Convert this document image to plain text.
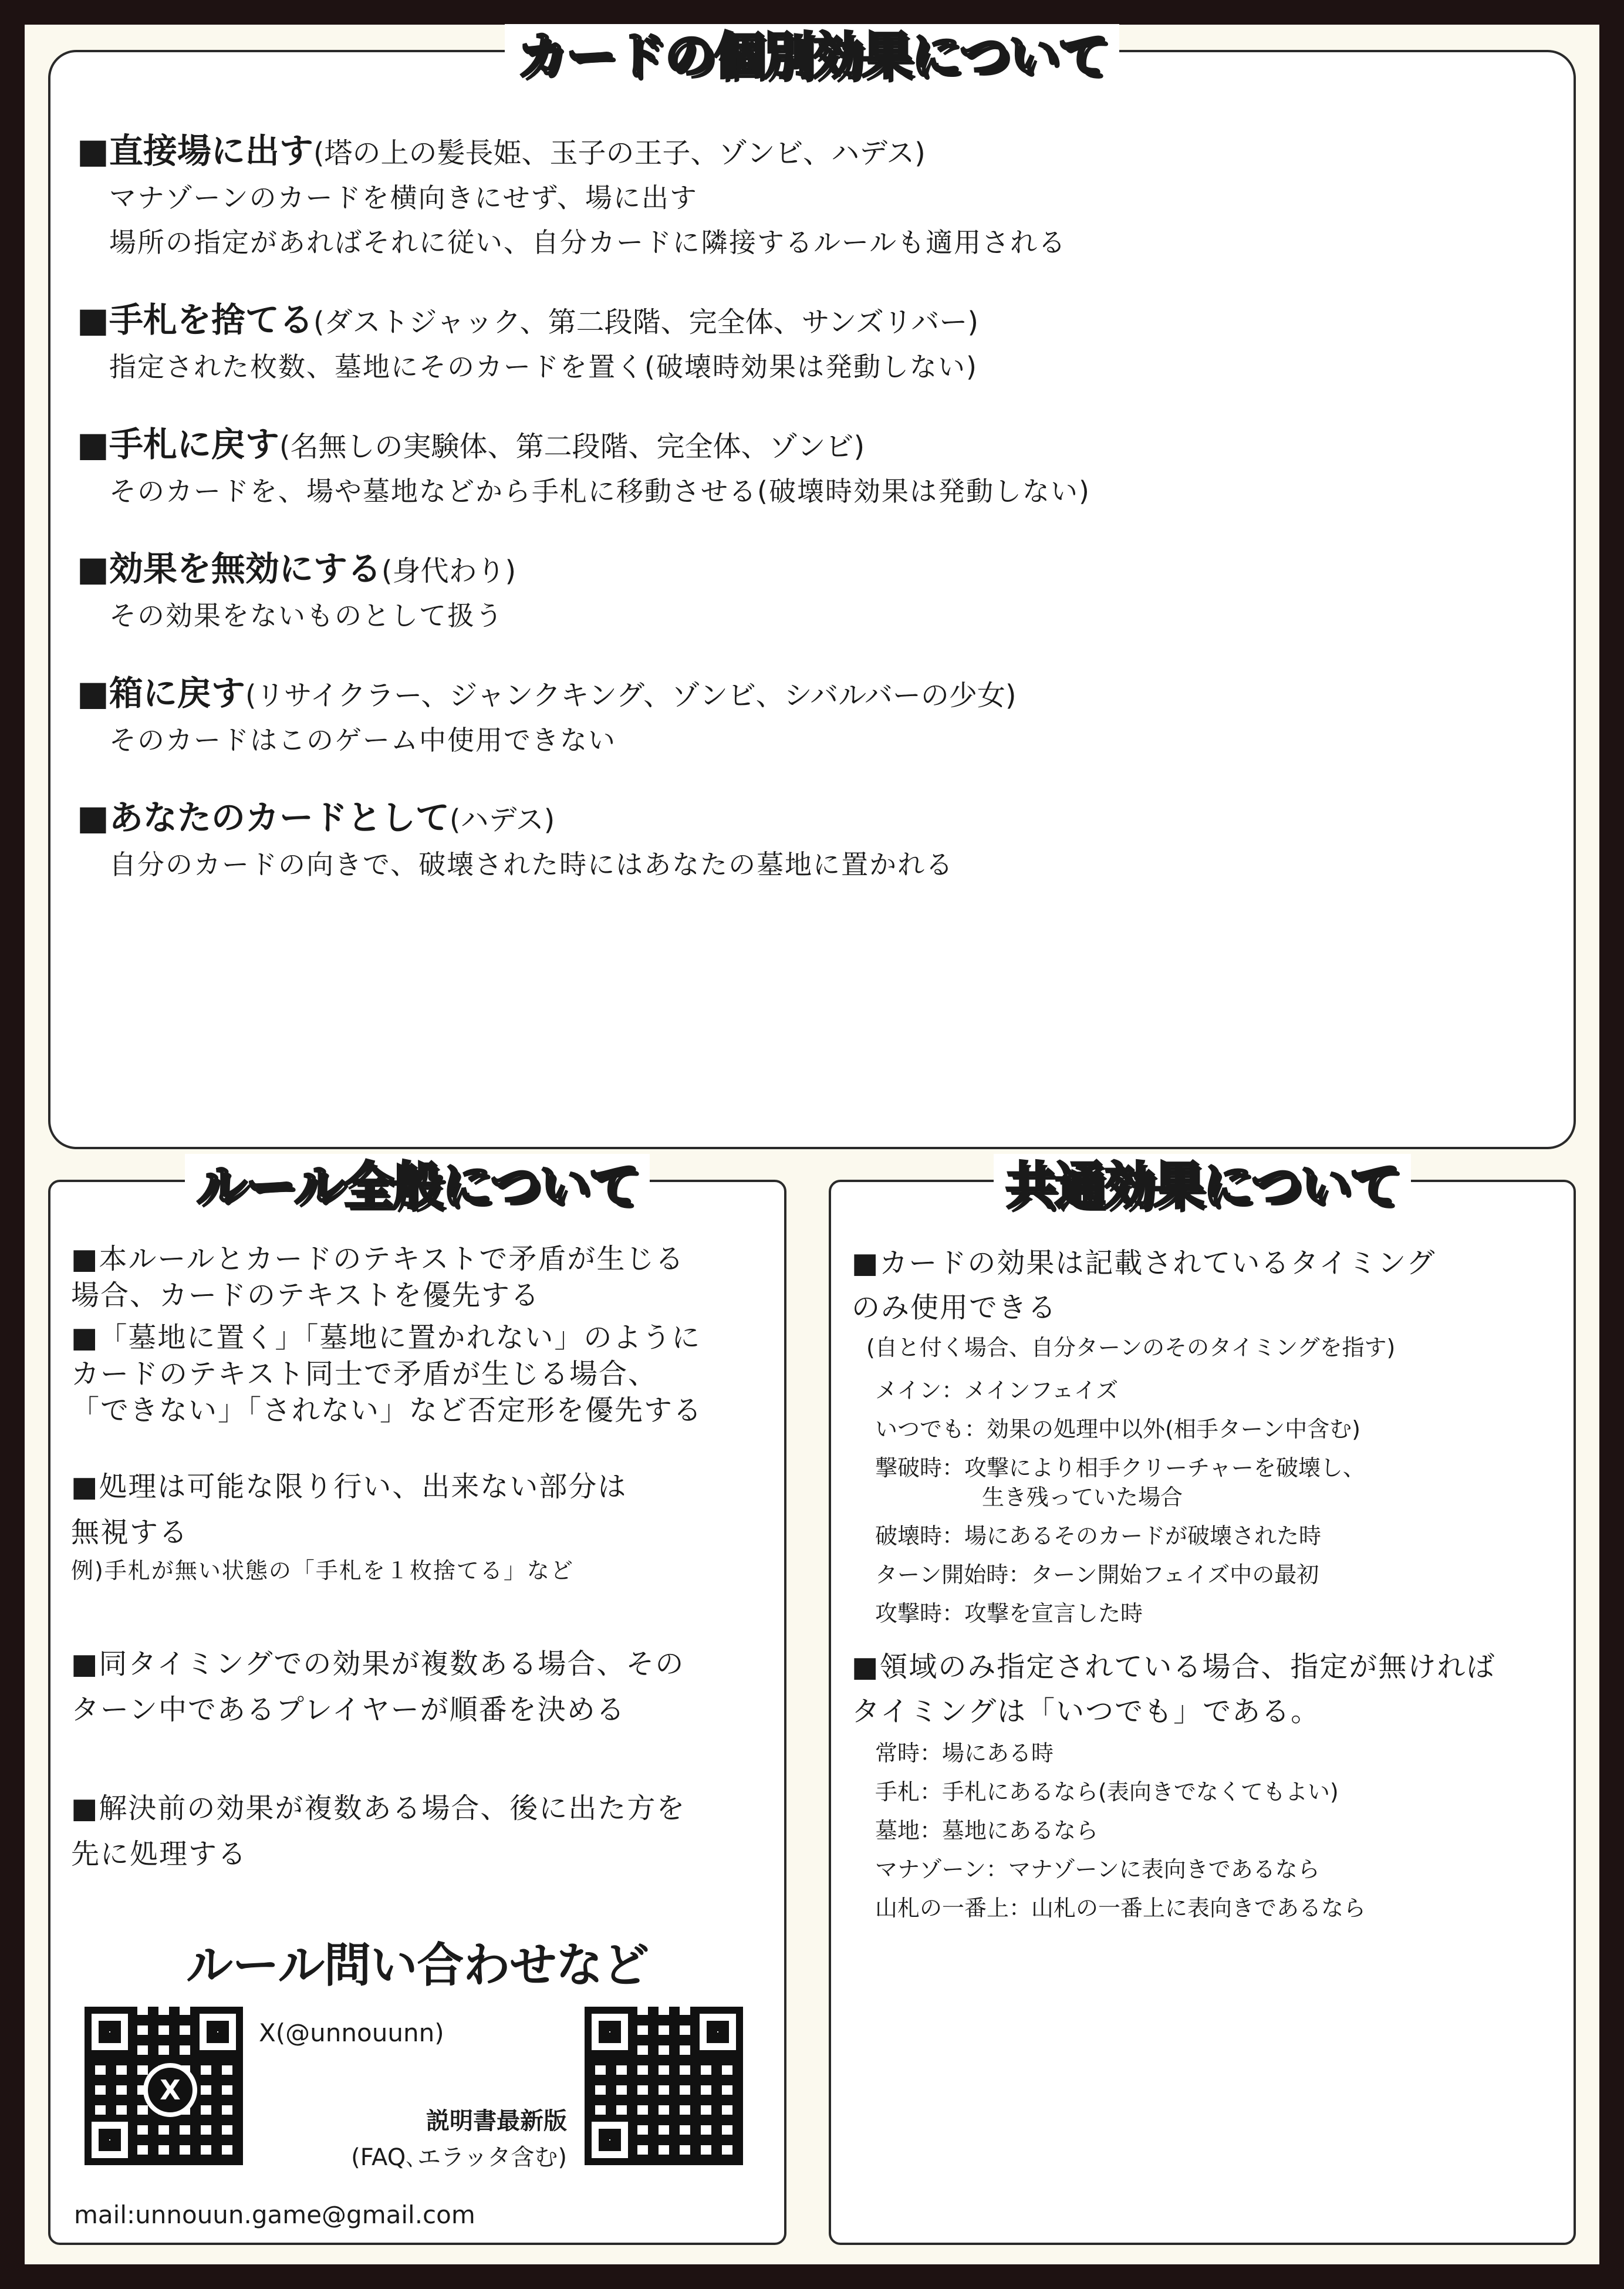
カードの個別効果について
■直接場に出す(塔の上の髪長姫、玉子の王子、ゾンビ、ハデス)
マナゾーンのカードを横向きにせず、場に出す
場所の指定があればそれに従い、自分カードに隣接するルールも適用される
■手札を捨てる(ダストジャック、第二段階、完全体、サンズリバー)
指定された枚数、墓地にそのカードを置く(破壊時効果は発動しない)
■手札に戻す(名無しの実験体、第二段階、完全体、ゾンビ)
そのカードを、場や墓地などから手札に移動させる(破壊時効果は発動しない)
■効果を無効にする(身代わり)
その効果をないものとして扱う
■箱に戻す(リサイクラー、ジャンクキング、ゾンビ、シバルバーの少女)
そのカードはこのゲーム中使用できない
■あなたのカードとして(ハデス)
自分のカードの向きで、破壊された時にはあなたの墓地に置かれる
ルール全般について
■本ルールとカードのテキストで矛盾が生じる
場合、カードのテキストを優先する
■「墓地に置く」「墓地に置かれない」のように
カードのテキスト同士で矛盾が生じる場合、
「できない」「されない」など否定形を優先する
■処理は可能な限り行い、出来ない部分は
無視する
例)手札が無い状態の「手札を１枚捨てる」など
■同タイミングでの効果が複数ある場合、その
ターン中であるプレイヤーが順番を決める
■解決前の効果が複数ある場合、後に出た方を
先に処理する
ルール問い合わせなど
X
X(@unnouunn)
説明書最新版
(FAQ､エラッタ含む)
mail:unnouun.game@gmail.com
共通効果について
■カードの効果は記載されているタイミング
のみ使用できる
(自と付く場合、自分ターンのそのタイミングを指す)
メイン：メインフェイズ
いつでも：効果の処理中以外(相手ターン中含む)
撃破時：攻撃により相手クリーチャーを破壊し、
生き残っていた場合
破壊時：場にあるそのカードが破壊された時
ターン開始時：ターン開始フェイズ中の最初
攻撃時：攻撃を宣言した時
■領域のみ指定されている場合、指定が無ければ
タイミングは「いつでも」である。
常時：場にある時
手札：手札にあるなら(表向きでなくてもよい)
墓地：墓地にあるなら
マナゾーン：マナゾーンに表向きであるなら
山札の一番上：山札の一番上に表向きであるなら
